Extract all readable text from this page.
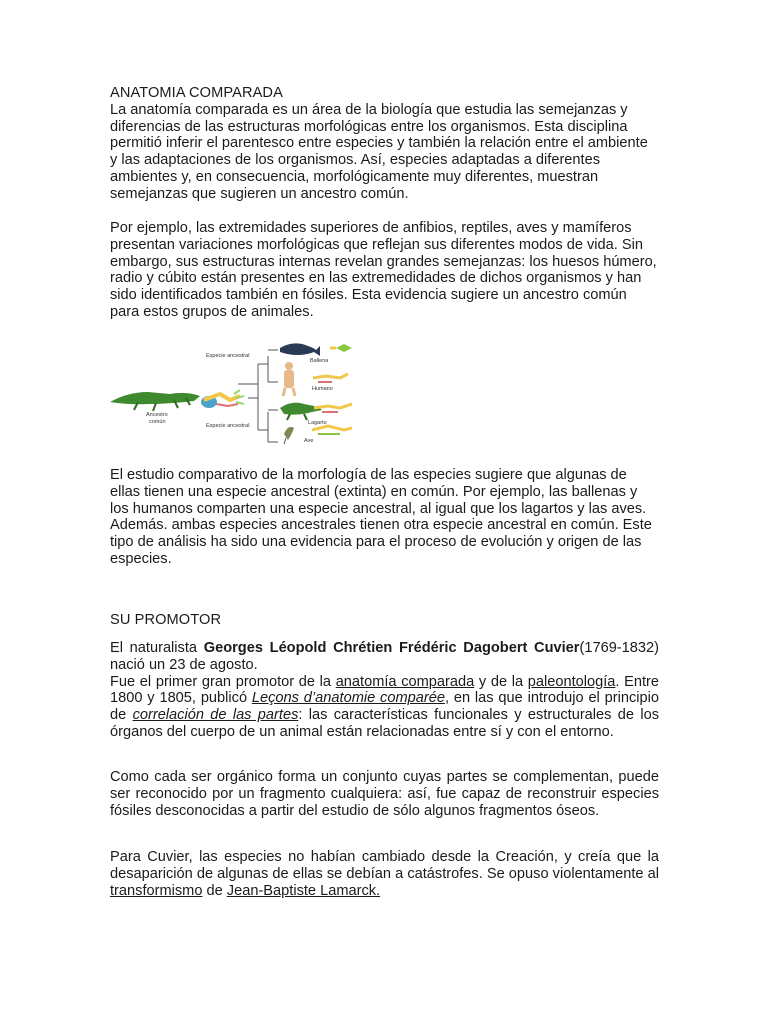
ANATOMIA COMPARADA

La anatomía comparada es un área de la biología que estudia las semejanzas y diferencias de las estructuras morfológicas entre los organismos. Esta disciplina permitió inferir el parentesco entre especies y también la relación entre el ambiente y las adaptaciones de los organismos. Así, especies adaptadas a diferentes ambientes y, en consecuencia, morfológicamente muy diferentes, muestran semejanzas que sugieren un ancestro común.

Por ejemplo, las extremidades superiores de anfibios, reptiles, aves y mamíferos presentan variaciones morfológicas que reflejan sus diferentes modos de vida. Sin embargo, sus estructuras internas revelan grandes semejanzas: los huesos húmero, radio y cúbito están presentes en las extremedidades de dichos organismos y han sido identificados también en fósiles. Esta evidencia sugiere un ancestro común para estos grupos de animales.

Ancestro
común
Especie ancestral
Especie ancestral
Ballena
Humano
Lagarto
Ave

El estudio comparativo de la morfología de las especies sugiere que algunas de ellas tienen una especie ancestral (extinta) en común. Por ejemplo, las ballenas y los humanos comparten una especie ancestral, al igual que los lagartos y las aves. Además. ambas especies ancestrales tienen otra especie ancestral en común. Este tipo de análisis ha sido una evidencia para el proceso de evolución y origen de las especies.

SU PROMOTOR

El naturalista Georges Léopold Chrétien Frédéric Dagobert Cuvier(1769-1832) nació un 23 de agosto.
Fue el primer gran promotor de la anatomía comparada y de la paleontología. Entre 1800 y 1805, publicó Leçons d’anatomie comparée, en las que introdujo el principio de correlación de las partes: las características funcionales y estructurales de los órganos del cuerpo de un animal están relacionadas entre sí y con el entorno.

Como cada ser orgánico forma un conjunto cuyas partes se complementan, puede ser reconocido por un fragmento cualquiera: así, fue capaz de reconstruir especies fósiles desconocidas a partir del estudio de sólo algunos fragmentos óseos.

Para Cuvier, las especies no habían cambiado desde la Creación, y creía que la desaparición de algunas de ellas se debían a catástrofes. Se opuso violentamente al transformismo de Jean-Baptiste Lamarck.
